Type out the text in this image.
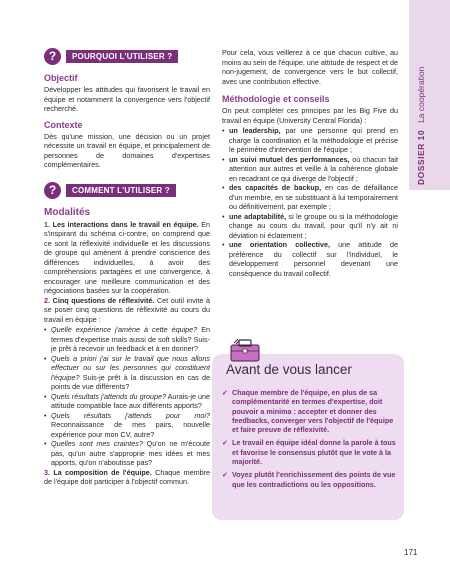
?	POURQUOI L'UTILISER ?
Objectif

Développer les attitudes qui favorisent le travail en équipe et notamment la convergence vers l'objectif recherché.

Contexte

Dès qu'une mission, une décision ou un projet nécessite un travail en équipe, et principalement de personnes de domaines d'expertises complémentaires.

?	COMMENT L'UTILISER ?
Modalités

1. Les interactions dans le travail en équipe. En s'inspirant du schéma ci-contre, on comprend que ce sont la réflexivité individuelle et les discussions de groupe qui amènent à prendre conscience des différences individuelles, à avoir des compréhensions partagées et une convergence, à encourager une meilleure communication et des négociations basées sur la coopération.

2. Cinq questions de réflexivité. Cet outil invite à se poser cinq questions de réflexivité au cours du travail en équipe :

• Quelle expérience j'amène à cette équipe? En termes d'expertise mais aussi de soft skills? Suis-je prêt à recevoir un feedback et à en donner?
• Quels a priori j'ai sur le travail que nous allons effectuer ou sur les personnes qui constituent l'équipe? Suis-je prêt à la discussion en cas de points de vue différents?
• Quels résultats j'attends du groupe? Aurais-je une attitude compatible face aux différents apports?
• Quels résultats j'attends pour moi? Reconnaissance de mes pairs, nouvelle expérience pour mon CV, autre?
• Quelles sont mes craintes? Qu'on ne m'écoute pas, qu'un autre s'approprie mes idées et mes apports, qu'on n'aboutisse pas?

3. La composition de l'équipe. Chaque membre de l'équipe doit participer à l'objectif commun.

Pour cela, vous veillerez à ce que chacun cultive, au moins au sein de l'équipe, une attitude de respect et de non-jugement, de convergence vers le but collectif, avec une contribution effective.

Méthodologie et conseils

On peut compléter ces principes par les Big Five du travail en équipe (University Central Florida) :

• un leadership, par une personne qui prend en charge la coordination et la méthodologie et précise le périmètre d'intervention de l'équipe ;
• un suivi mutuel des performances, où chacun fait attention aux autres et veille à la cohérence globale en recadrant ce qui diverge de l'objectif ;
• des capacités de backup, en cas de défaillance d'un membre, en se substituant à lui temporairement ou définitivement, par exemple ;
• une adaptabilité, si le groupe ou si la méthodologie change au cours du travail, pour qu'il n'y ait ni déviation ni éclatement ;
• une orientation collective, une attitude de préférence du collectif sur l'individuel, le développement personnel devenant une conséquence du travail collectif.
DOSSIER 10La coopération
Avant de vous lancer
✓ Chaque membre de l'équipe, en plus de sa complémentarité en termes d'expertise, doit pouvoir a minima : accepter et donner des feedbacks, converger vers l'objectif de l'équipe et faire preuve de réflexivité.
✓ Le travail en équipe idéal donne la parole à tous et favorise le consensus plutôt que le vote à la majorité.
✓ Voyez plutôt l'enrichissement des points de vue que les contradictions ou les oppositions.
171
